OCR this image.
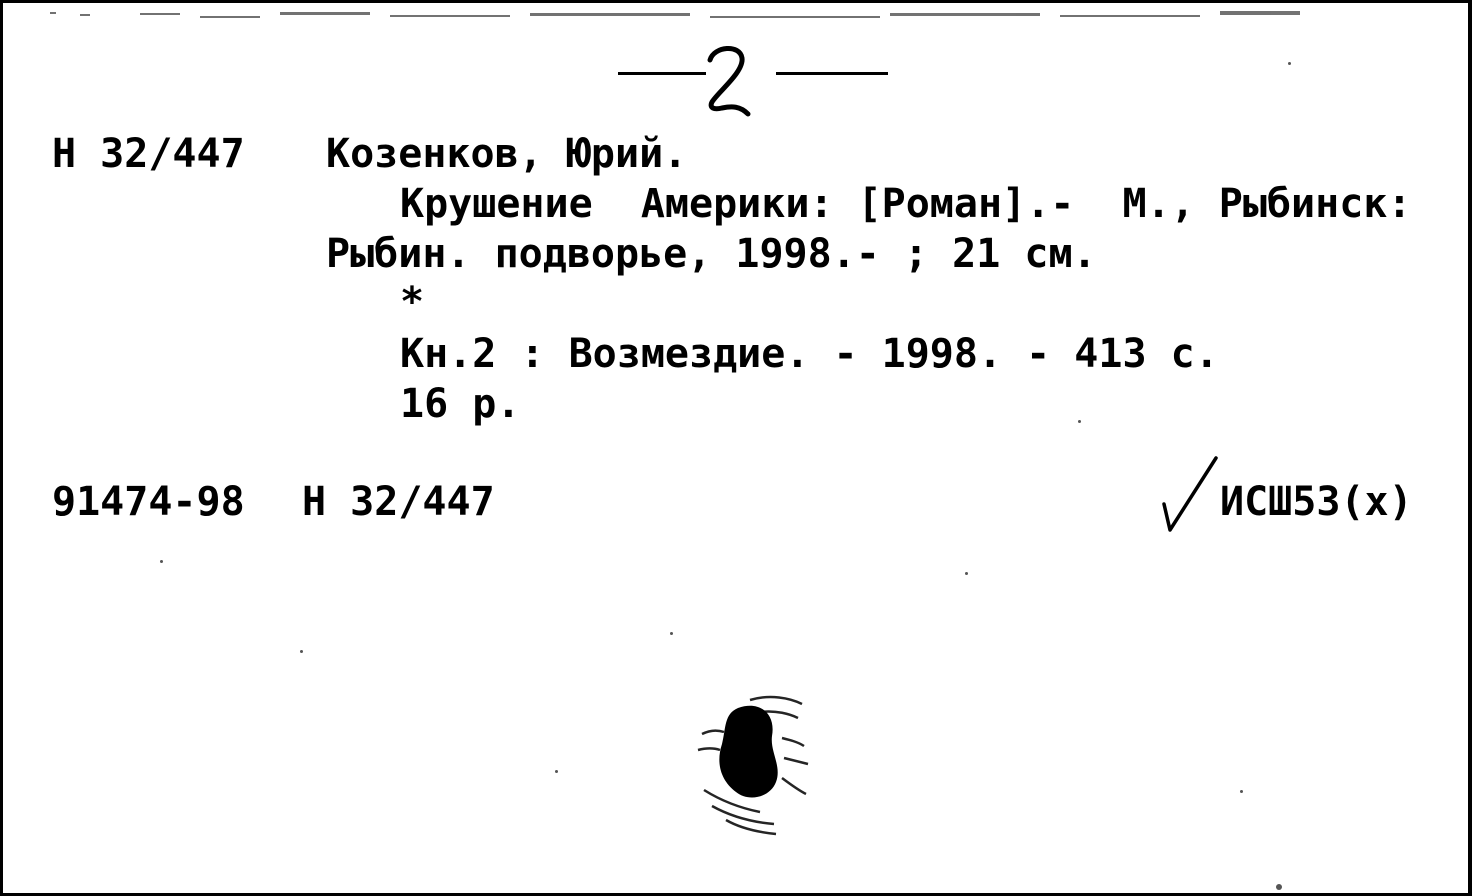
Н 32/447 Козенков, Юрий.

Крушение  Америки: [Роман].-  М., Рыбинск:

Рыбин. подворье, 1998.- ; 21 см.

*

Кн.2 : Возмездие. - 1998. - 413 с.

16 р.

91474-98 Н 32/447	ИСШ53(х)
